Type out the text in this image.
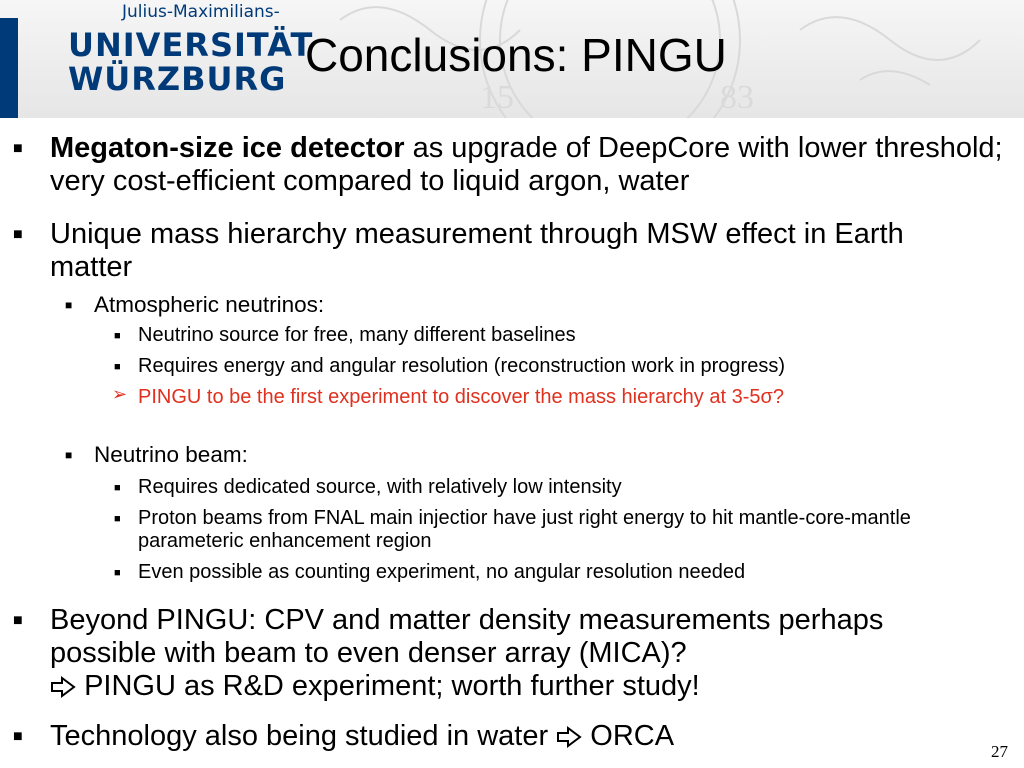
15	83
Julius-Maximilians-
UNIVERSITÄT
WÜRZBURG Conclusions: PINGU
■ Megaton-size ice detector as upgrade of DeepCore with lower threshold; very cost-efficient compared to liquid argon, water
■ Unique mass hierarchy measurement through MSW effect in Earth matter
■ Atmospheric neutrinos:
■ Neutrino source for free, many different baselines
■ Requires energy and angular resolution (reconstruction work in progress)
➢ PINGU to be the first experiment to discover the mass hierarchy at 3-5σ?
■ Neutrino beam:
■ Requires dedicated source, with relatively low intensity
■ Proton beams from FNAL main injectior have just right energy to hit mantle-core-mantle parameteric enhancement region
■ Even possible as counting experiment, no angular resolution needed
■ Beyond PINGU: CPV and matter density measurements perhaps possible with beam to even denser array (MICA)?
PINGU as R&D experiment; worth further study!
■ Technology also being studied in water ORCA	27
